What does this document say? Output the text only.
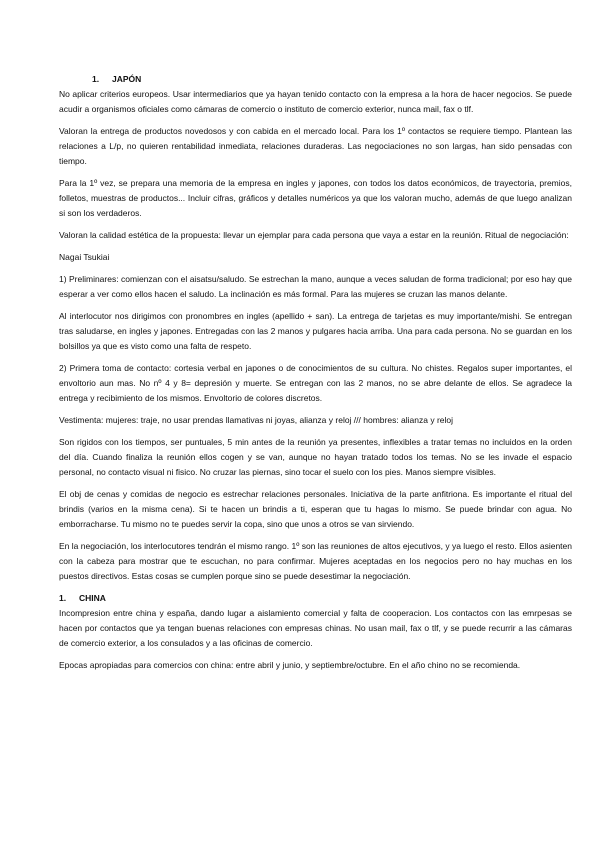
1. JAPÓN

No aplicar criterios europeos. Usar intermediarios que ya hayan tenido contacto con la empresa a la hora de hacer negocios. Se puede acudir a organismos oficiales como cámaras de comercio o instituto de comercio exterior, nunca mail, fax o tlf.

Valoran la entrega de productos novedosos y con cabida en el mercado local. Para los 1º contactos se requiere tiempo. Plantean las relaciones a L/p, no quieren rentabilidad inmediata, relaciones duraderas. Las negociaciones no son largas, han sido pensadas con tiempo.

Para la 1º vez, se prepara una memoria de la empresa en ingles y japones, con todos los datos económicos, de trayectoria, premios, folletos, muestras de productos... Incluir cifras, gráficos y detalles numéricos ya que los valoran mucho, además de que luego analizan si son los verdaderos.

Valoran la calidad estética de la propuesta: llevar un ejemplar para cada persona que vaya a estar en la reunión. Ritual de negociación:

Nagai Tsukiai

1) Preliminares: comienzan con el aisatsu/saludo. Se estrechan la mano, aunque a veces saludan de forma tradicional; por eso hay que esperar a ver como ellos hacen el saludo. La inclinación es más formal. Para las mujeres se cruzan las manos delante.

Al interlocutor nos dirigimos con pronombres en ingles (apellido + san). La entrega de tarjetas es muy importante/mishi. Se entregan tras saludarse, en ingles y japones. Entregadas con las 2 manos y pulgares hacia arriba. Una para cada persona. No se guardan en los bolsillos ya que es visto como una falta de respeto.

2) Primera toma de contacto: cortesia verbal en japones o de conocimientos de su cultura. No chistes. Regalos super importantes, el envoltorio aun mas. No nº 4 y 8= depresión y muerte. Se entregan con las 2 manos, no se abre delante de ellos. Se agradece la entrega y recibimiento de los mismos. Envoltorio de colores discretos.

Vestimenta: mujeres: traje, no usar prendas llamativas ni joyas, alianza y reloj /// hombres: alianza y reloj

Son rigidos con los tiempos, ser puntuales, 5 min antes de la reunión ya presentes, inflexibles a tratar temas no incluidos en la orden del día. Cuando finaliza la reunión ellos cogen y se van, aunque no hayan tratado todos los temas. No se les invade el espacio personal, no contacto visual ni fisico. No cruzar las piernas, sino tocar el suelo con los pies. Manos siempre visibles.

El obj de cenas y comidas de negocio es estrechar relaciones personales. Iniciativa de la parte anfitriona. Es importante el ritual del brindis (varios en la misma cena). Si te hacen un brindis a ti, esperan que tu hagas lo mismo. Se puede brindar con agua. No emborracharse. Tu mismo no te puedes servir la copa, sino que unos a otros se van sirviendo.

En la negociación, los interlocutores tendrán el mismo rango. 1º son las reuniones de altos ejecutivos, y ya luego el resto. Ellos asienten con la cabeza para mostrar que te escuchan, no para confirmar. Mujeres aceptadas en los negocios pero no hay muchas en los puestos directivos. Estas cosas se cumplen porque sino se puede desestimar la negociación.

1. CHINA

Incompresion entre china y españa, dando lugar a aislamiento comercial y falta de cooperacion. Los contactos con las emrpesas se hacen por contactos que ya tengan buenas relaciones con empresas chinas. No usan mail, fax o tlf, y se puede recurrir a las cámaras de comercio exterior, a los consulados y a las oficinas de comercio.

Epocas apropiadas para comercios con china: entre abril y junio, y septiembre/octubre. En el año chino no se recomienda.
